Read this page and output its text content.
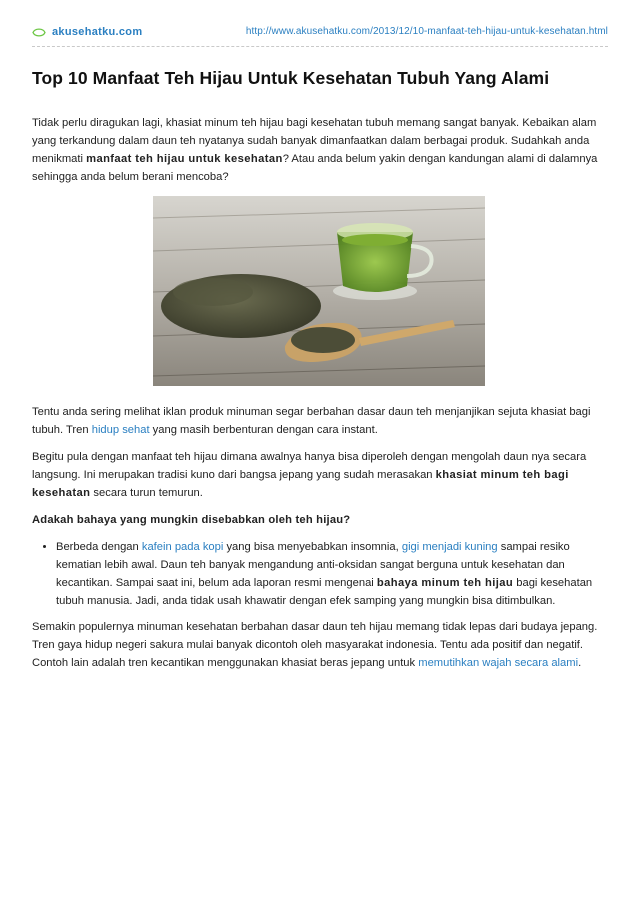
akusehatku.com	http://www.akusehatku.com/2013/12/10-manfaat-teh-hijau-untuk-kesehatan.html
Top 10 Manfaat Teh Hijau Untuk Kesehatan Tubuh Yang Alami

Tidak perlu diragukan lagi, khasiat minum teh hijau bagi kesehatan tubuh memang sangat banyak. Kebaikan alam yang terkandung dalam daun teh nyatanya sudah banyak dimanfaatkan dalam berbagai produk. Sudahkah anda menikmati manfaat teh hijau untuk kesehatan? Atau anda belum yakin dengan kandungan alami di dalamnya sehingga anda belum berani mencoba?

Tentu anda sering melihat iklan produk minuman segar berbahan dasar daun teh menjanjikan sejuta khasiat bagi tubuh. Tren hidup sehat yang masih berbenturan dengan cara instant.

Begitu pula dengan manfaat teh hijau dimana awalnya hanya bisa diperoleh dengan mengolah daun nya secara langsung. Ini merupakan tradisi kuno dari bangsa jepang yang sudah merasakan khasiat minum teh bagi kesehatan secara turun temurun.

Adakah bahaya yang mungkin disebabkan oleh teh hijau?

• Berbeda dengan kafein pada kopi yang bisa menyebabkan insomnia, gigi menjadi kuning sampai resiko kematian lebih awal. Daun teh banyak mengandung anti-oksidan sangat berguna untuk kesehatan dan kecantikan. Sampai saat ini, belum ada laporan resmi mengenai bahaya minum teh hijau bagi kesehatan tubuh manusia. Jadi, anda tidak usah khawatir dengan efek samping yang mungkin bisa ditimbulkan.

Semakin populernya minuman kesehatan berbahan dasar daun teh hijau memang tidak lepas dari budaya jepang. Tren gaya hidup negeri sakura mulai banyak dicontoh oleh masyarakat indonesia. Tentu ada positif dan negatif. Contoh lain adalah tren kecantikan menggunakan khasiat beras jepang untuk memutihkan wajah secara alami.
